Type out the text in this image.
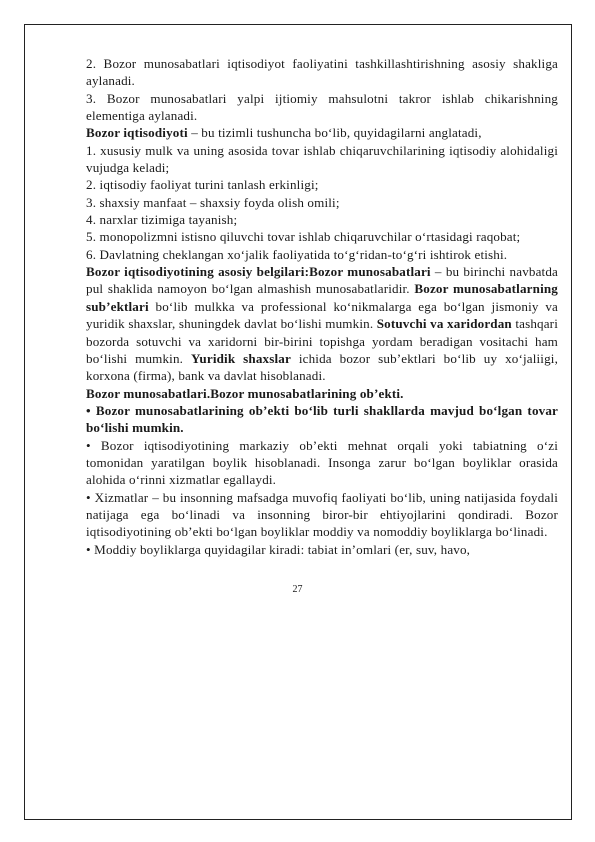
2. Bozor munosabatlari iqtisodiyot faoliyatini tashkillashtirishning asosiy shakliga aylanadi.

3. Bozor munosabatlari yalpi ijtiomiy mahsulotni takror ishlab chikarishning elementiga aylanadi.

Bozor iqtisodiyoti – bu tizimli tushuncha bo‘lib, quyidagilarni anglatadi,

1. xususiy mulk va uning asosida tovar ishlab chiqaruvchilarining iqtisodiy alohidaligi vujudga keladi;

2. iqtisodiy faoliyat turini tanlash erkinligi;

3. shaxsiy manfaat – shaxsiy foyda olish omili;

4. narxlar tizimiga tayanish;

5. monopolizmni istisno qiluvchi tovar ishlab chiqaruvchilar o‘rtasidagi raqobat;

6. Davlatning cheklangan xo‘jalik faoliyatida to‘g‘ridan-to‘g‘ri ishtirok etishi.

Bozor iqtisodiyotining asosiy belgilari:Bozor munosabatlari – bu birinchi navbatda pul shaklida namoyon bo‘lgan almashish munosabatlaridir. Bozor munosabatlarning sub’ektlari bo‘lib mulkka va professional ko‘nikmalarga ega bo‘lgan jismoniy va yuridik shaxslar, shuningdek davlat bo‘lishi mumkin. Sotuvchi va xaridordan tashqari bozorda sotuvchi va xaridorni bir-birini topishga yordam beradigan vositachi ham bo‘lishi mumkin. Yuridik shaxslar ichida bozor sub’ektlari bo‘lib uy xo‘jaliigi, korxona (firma), bank va davlat hisoblanadi.

Bozor munosabatlari.Bozor munosabatlarining ob’ekti.

• Bozor munosabatlarining ob’ekti bo‘lib turli shakllarda mavjud bo‘lgan tovar bo‘lishi mumkin.

• Bozor iqtisodiyotining markaziy ob’ekti mehnat orqali yoki tabiatning o‘zi tomonidan yaratilgan boylik hisoblanadi. Insonga zarur bo‘lgan boyliklar orasida alohida o‘rinni xizmatlar egallaydi.

• Xizmatlar – bu insonning mafsadga muvofiq faoliyati bo‘lib, uning natijasida foydali natijaga ega bo‘linadi va insonning biror-bir ehtiyojlarini qondiradi. Bozor iqtisodiyotining ob’ekti bo‘lgan boyliklar moddiy va nomoddiy boyliklarga bo‘linadi.

• Moddiy boyliklarga quyidagilar kiradi: tabiat in’omlari (er, suv, havo,

27
